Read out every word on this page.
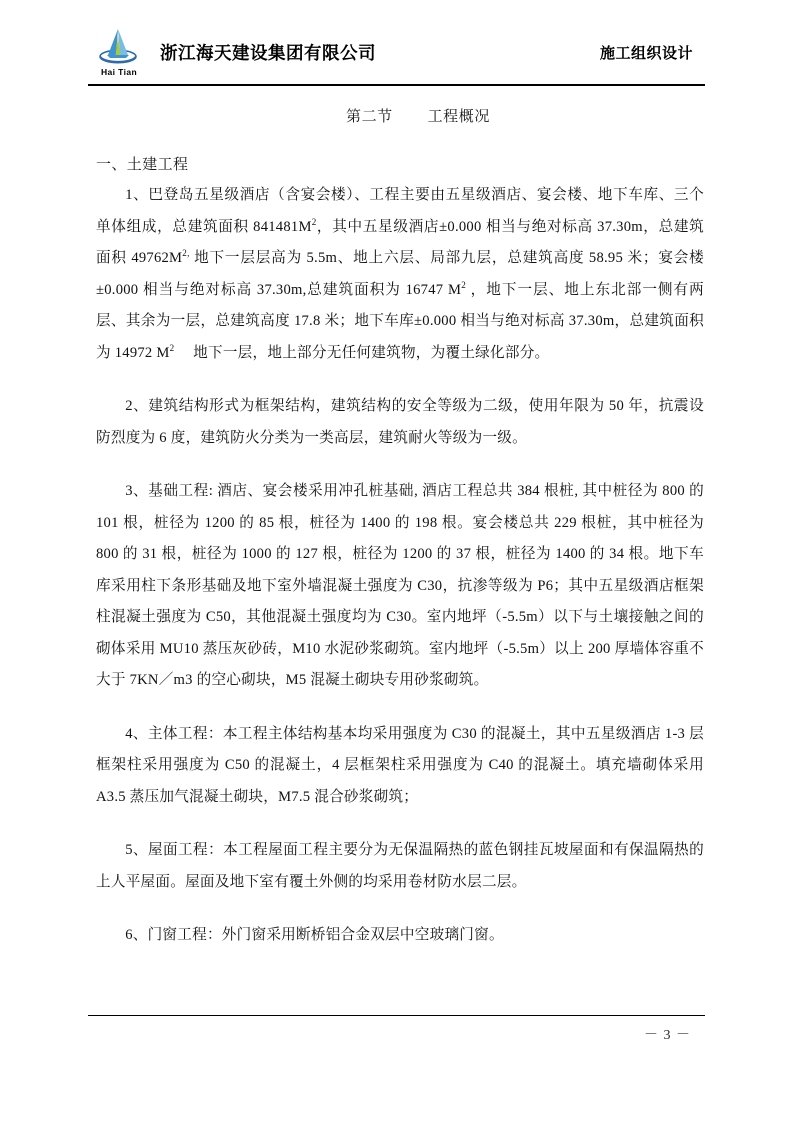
Hai Tian
浙江海天建设集团有限公司	施工组织设计
第二节        工程概况
一、土建工程

1、巴登岛五星级酒店（含宴会楼）、工程主要由五星级酒店、宴会楼、地下车库、三个单体组成，总建筑面积 $841481M^2$，其中五星级酒店±0.000 相当与绝对标高 37.30m，总建筑面积 $49762M^{2,}$ 地下一层层高为 5.5m、地上六层、局部九层，总建筑高度 58.95 米；宴会楼±0.000 相当与绝对标高 37.30m,总建筑面积为 16747 $M^2$ ，地下一层、地上东北部一侧有两层、其余为一层，总建筑高度 17.8 米；地下车库±0.000 相当与绝对标高 37.30m，总建筑面积为 14972 $M^2$　 地下一层，地上部分无任何建筑物，为覆土绿化部分。

2、建筑结构形式为框架结构，建筑结构的安全等级为二级，使用年限为 50 年，抗震设防烈度为 6 度，建筑防火分类为一类高层，建筑耐火等级为一级。

3、基础工程: 酒店、宴会楼采用冲孔桩基础, 酒店工程总共 384 根桩, 其中桩径为 800 的 101 根，桩径为 1200 的 85 根，桩径为 1400 的 198 根。宴会楼总共 229 根桩，其中桩径为 800 的 31 根，桩径为 1000 的 127 根，桩径为 1200 的 37 根，桩径为 1400 的 34 根。地下车库采用柱下条形基础及地下室外墙混凝土强度为 C30，抗渗等级为 P6；其中五星级酒店框架柱混凝土强度为 C50，其他混凝土强度均为 C30。室内地坪（-5.5m）以下与土壤接触之间的砌体采用 MU10 蒸压灰砂砖，M10 水泥砂浆砌筑。室内地坪（-5.5m）以上 200 厚墙体容重不大于 7KN／m3 的空心砌块，M5 混凝土砌块专用砂浆砌筑。

4、主体工程：本工程主体结构基本均采用强度为 C30 的混凝土，其中五星级酒店 1-3 层框架柱采用强度为 C50 的混凝土，4 层框架柱采用强度为 C40 的混凝土。填充墙砌体采用 A3.5 蒸压加气混凝土砌块，M7.5 混合砂浆砌筑；

5、屋面工程：本工程屋面工程主要分为无保温隔热的蓝色钢挂瓦坡屋面和有保温隔热的上人平屋面。屋面及地下室有覆土外侧的均采用卷材防水层二层。

6、门窗工程：外门窗采用断桥铝合金双层中空玻璃门窗。

－ 3 －
